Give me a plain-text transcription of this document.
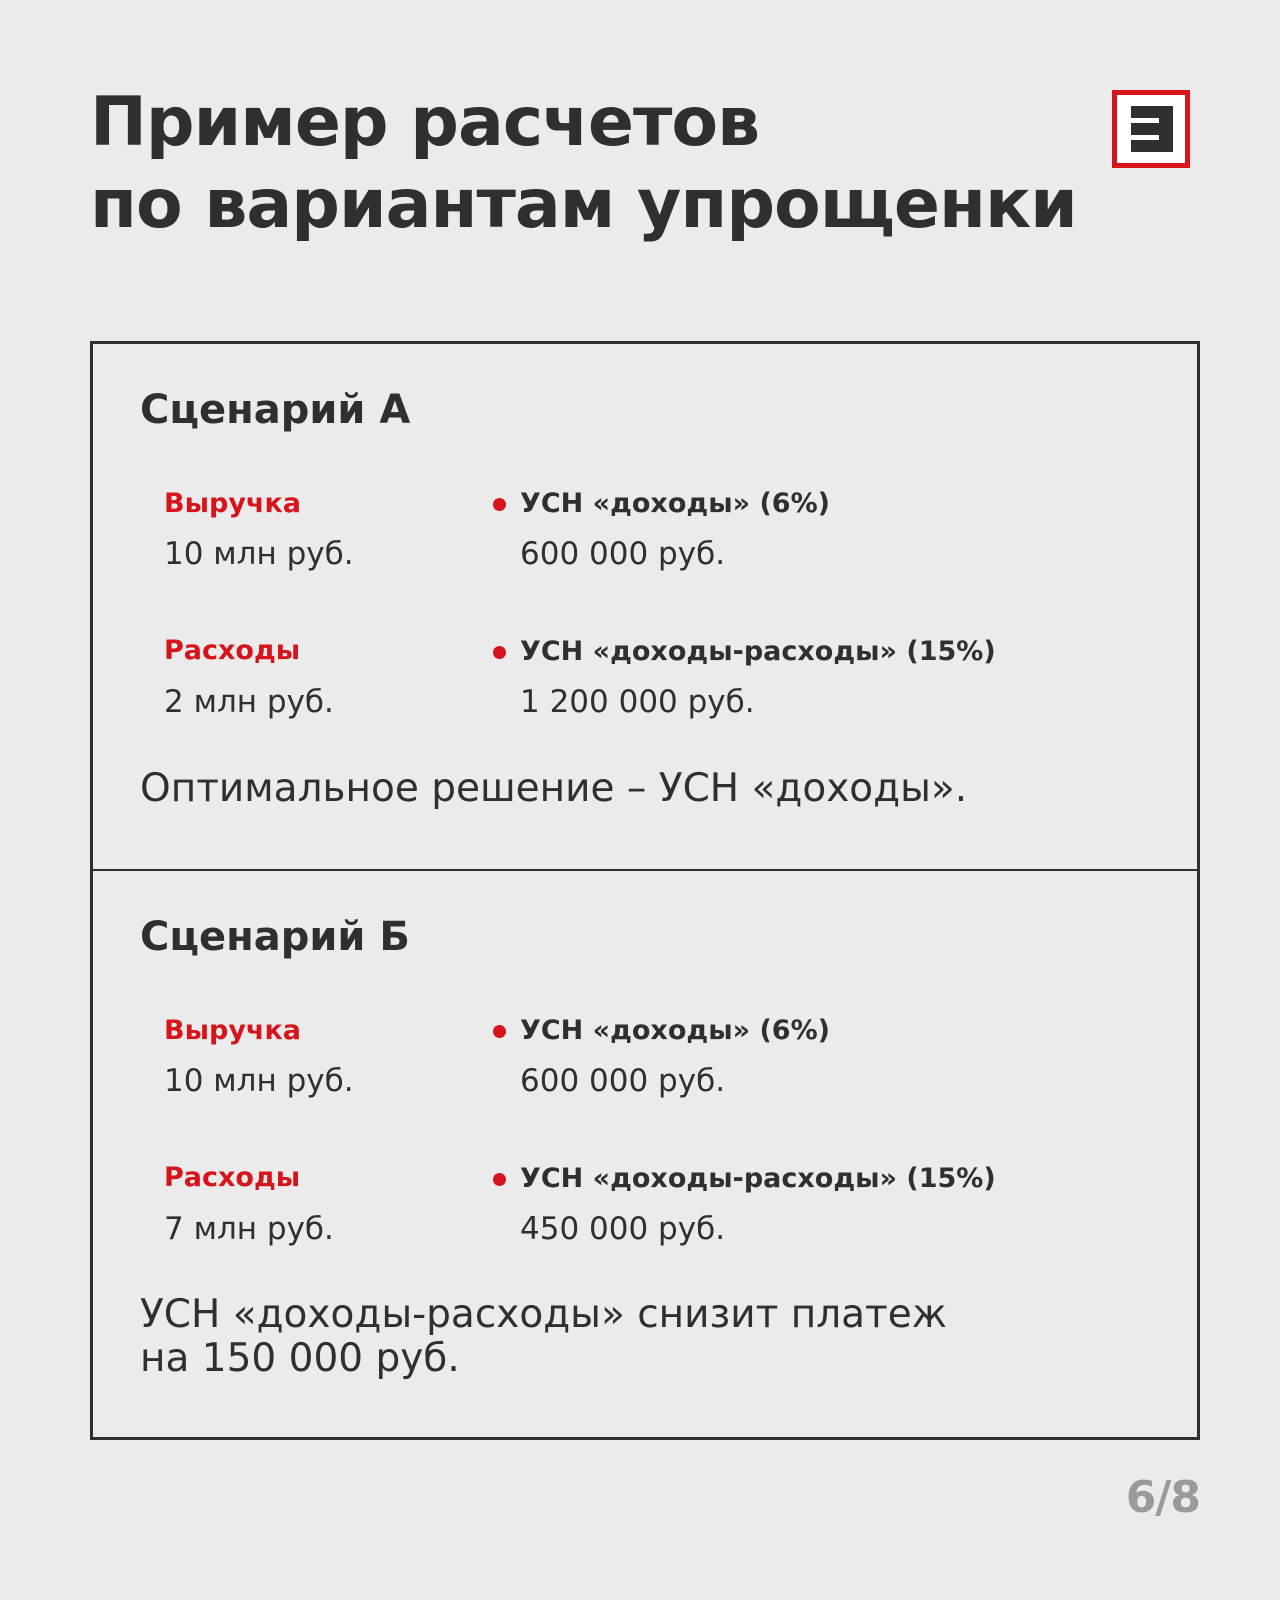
Пример расчетов
по вариантам упрощенки
Сценарий А
Выручка
10 млн руб.
Расходы
2 млн руб.
УСН «доходы» (6%)
600 000 руб.
УСН «доходы-расходы» (15%)
1 200 000 руб.

Оптимальное решение – УСН «доходы».

Сценарий Б
Выручка
10 млн руб.
Расходы
7 млн руб.
УСН «доходы» (6%)
600 000 руб.
УСН «доходы-расходы» (15%)
450 000 руб.

УСН «доходы-расходы» снизит платеж
на 150 000 руб.

6/8
